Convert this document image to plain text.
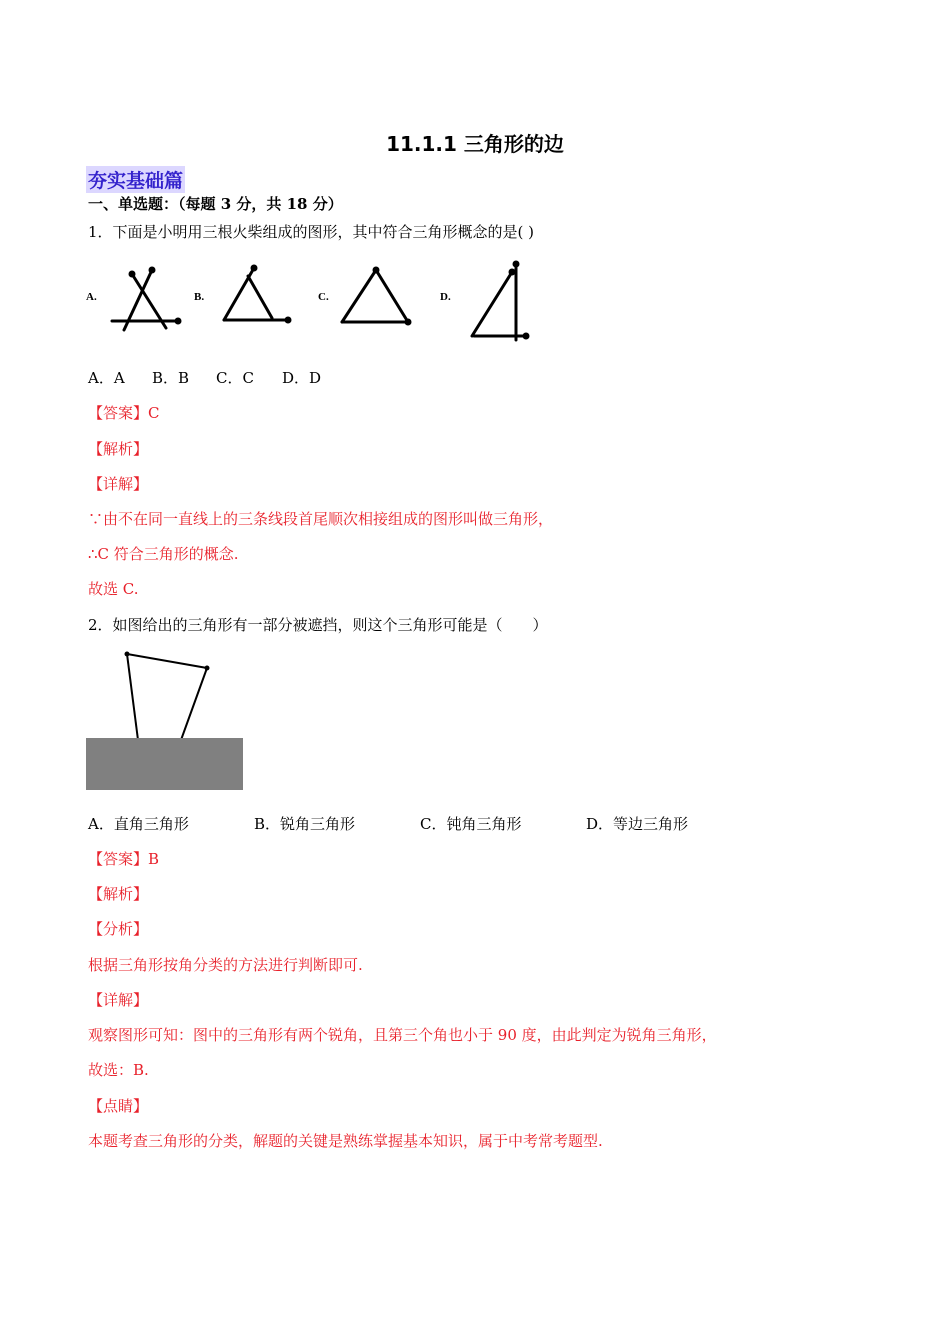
11.1.1 三角形的边
夯实基础篇
一、单选题：（每题 3 分，共 18 分）
1．下面是小明用三根火柴组成的图形，其中符合三角形概念的是( )
A.	B.	C.	D.
A．A B．B C．C D．D
【答案】C
【解析】
【详解】
∵由不在同一直线上的三条线段首尾顺次相接组成的图形叫做三角形，
∴C 符合三角形的概念.
故选 C.
2．如图给出的三角形有一部分被遮挡，则这个三角形可能是（　　）
A．直角三角形	B．锐角三角形	C．钝角三角形	D．等边三角形
【答案】B
【解析】
【分析】
根据三角形按角分类的方法进行判断即可.
【详解】
观察图形可知：图中的三角形有两个锐角，且第三个角也小于 90 度，由此判定为锐角三角形，
故选：B.
【点睛】
本题考查三角形的分类，解题的关键是熟练掌握基本知识，属于中考常考题型.
